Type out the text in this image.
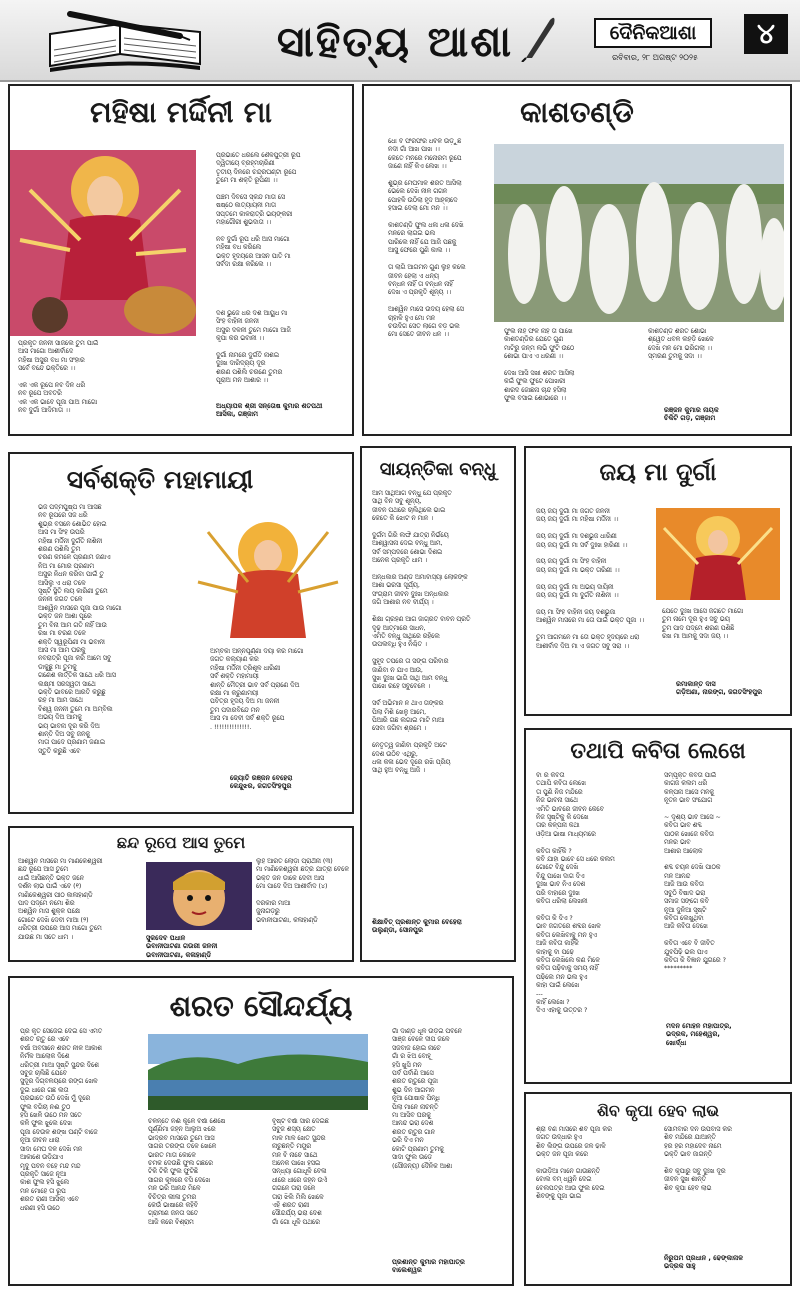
ସାହିତ୍ୟ ଆଶା	ଦୈନିକଆଶା
ରବିବାର, ୨୮ ଅଗଷ୍ଟ ୨୦୨୫
୪
ମହିଷା ମର୍ଦ୍ଦିନୀ ମା
ପ୍ରଭାତେ ଧରିଲେ ଶୈଳପୁତ୍ରୀ ରୂପ
ଦ୍ୱିତୀୟେ ବ୍ରହ୍ମଚାରିଣୀ
ତୃତୀୟ ଦିନରେ ଚନ୍ଦ୍ରଘଣ୍ଟା ରୂପେ
ତୁମେ ମା ଶକ୍ତି ରୂପିଣୀ ।।

ପଞ୍ଚମ ଦିବସେ ସ୍କନ୍ଦ ମାତା ସେ
ଷଷ୍ଠେ କାତ୍ୟାୟନୀ ମାତା
ସପ୍ତମେ କାଳରାତ୍ରି ଭୟଙ୍କରୀ
ମହାଗୌରୀ ଶୁଭଦାତା ।।

ନବ ଦୁର୍ଗା ରୂପ ଧରି ଆସ ମାଗୋ
ମହିଷା ବଧ କରିଲେ
ଭକ୍ତ ହୃଦୟରେ ଆସନ ପାତି ମା
ସର୍ବଦା ରକ୍ଷା କରିଲେ ।।
ପ୍ରକୃତି ଜନନୀ ସାଜିଲେ ତୁମ ପାଇଁ
ଆସ ମାଗୋ ଆଶୀର୍ବାଦେ
ମହିଷା ଅସୁର ବଧ ମା ସଂହାର
ସର୍ବେ ବନ୍ଦେ ଭକ୍ତିରେ ।।

ଏକ ଏକ ରୂପେ ନବ ଦିନ ଧରି
ନବ ରୂପେ ଅବତରି
ଏକ ଏକ ଭାବେ ପୂଜା ପାଅ ମାଗୋ
ନବ ଦୁର୍ଗା ଆଦିମାତା ।।
ଦଶ ଭୁଜେ ଧରି ଦଶ ଆୟୁଧ ମା
ସିଂହ ବାହିନୀ ଜନନୀ
ଅସୁର ଦଳନୀ ତୁମେ ମାଗୋ ଆଜି
କୃପା କର ଭବାନୀ ।।

ଦୁର୍ଗା ନାମରେ ଦୁର୍ଗତି ନାଶଇ
ଦୁଃଖ ଦାରିଦ୍ର୍ୟ ଦୂର
ଶରଣ ପଶିଲି ଚରଣେ ତୁମର
ପୂରାଅ ମନ ଆଶାର ।।
ଅଧ୍ୟାପକ ଶ୍ରୀ ସନ୍ତୋଷ କୁମାର ଶତପଥୀ
ଆସିକା, ଗଞ୍ଜାମ
କାଶତଣ୍ଡି
ଧୋ ବ ଫରଫର ଧବଳ ଉଡ଼ୁଛି
ନଦୀ ଗାଁ ଆଖ ପାଖ ।।
କେତେ ମନରେ ମନୋରମ ରୂପେ
ଜାଣେ ନାହିଁ କିଏ ଲେଖ ।।

ଶୁଭ୍ର ମେଘମାଳ ଶରତ ଆସିଲା
ଭେଲେ ଦେଖି ନୀଳ ଗଗନ
ପୋହଳି ଉଠିଲା ହୃଦ ଆହ୍ଲାଦେ
ହସାଇ ଦେଲା ମୋ ମନ ।।

କାଶତଣ୍ଡି ଫୁଲ ଧଳା ଧଳା ଦେଖି
ମନରେ ଲାଗଇ ଭଲ
ପାରିଲେ ନାହିଁ ଯେ ଆଜି ପଛକୁ
ଆସୁ ଫେରେ ପୁଣି କାଲ ।।

ତା ଲାଗି ଆଗମନ ଗୁଣ ଲୁହ କଲେ
ଜୀବନ ହେଲା ଏ ଧନ୍ୟ
ବନ୍ଧନ ନାହିଁ ତା ବନ୍ଧନ ନାହିଁ
ଦେଖ ଏ ପ୍ରକୃତି ଶୂନ୍ୟ ।।

ଆଶ୍ୱିନ ମାସେ ଉଦୟ ହେଲା ସେ
ଚାହାଳି ହୁଏ ମୋ ମନ
ଚଉଦିଗ ସେତ ଲାଗେ ବଡ଼ ଭଲ
ମୋ ସେତେ ଜୀବନ ଧନ ।।	ଫୁଲ ନାହିଁ ଫଳ ନାହିଁ ତା ପାଖେ
କାଶତଣ୍ଡିର ଯେତେ ଗୁଣ
ମାଟିରୁ ଜନ୍ମ ଲଭି ଫୁଟି ଉଠେ
ଶୋଭା ପାଏ ଏ ଧରଣୀ ।।

ଦେଖ ଆସି ସଖୀ ଶରତ ଆସିଲା
କଇଁ ଫୁଲ ଫୁଟେ ପୋଖରୀ
ଶାରଦ ଜୋଛନା ଚାନ୍ଦ ହସିଲା
ଫୁଲ ବସାଇ ଶୋଭାରେ ।।
କାଶତଣ୍ଡି ଶରତ ଶୋଭା
ଶ୍ୱେତ ଧବଳ ଲହଡ଼ି ଖେଳେ
ଦେଖି ମନ ମୋ ଭରିଗଲା ।।
ସ୍ମରଣ ତୁମକୁ ସଦା ।।
ରଞ୍ଜନ କୁମାର ନାୟକ
ଚିକିଟି ଗଡ଼, ଗଞ୍ଜାମ
ସର୍ବଶକ୍ତି ମହାମାୟୀ
ଭିଜି ପଦ୍ମପୁଷ୍ପ ମା ଆସିଛି
ନବ ରୂପରେ ସଜ ଧରି
ଶୁଭ୍ର ବସନେ ଶୋଭିତ ହୋଇ
ଆସ ମା ସିଂହ ଉପରି
ମହିଷା ମର୍ଦ୍ଦିନୀ ଦୁର୍ଗତି ନାଶିନୀ
ଶରଣ ପଶିଲି ତୁମ
ଚରଣ କମଳେ ପ୍ରଣାମ ଜଣାଏ
ନିଅ ମା ମୋର ପ୍ରଣାମ
ଅସୁର ନିଧନ କରିବା ପାଇଁ ତୁ
ଆସିଲୁ ଏ ଧରା ତଳେ
ସୃଷ୍ଟି ସ୍ଥିତି ଲୟ କାରିଣୀ ତୁମେ
ଜନନୀ ଜଗତ ତଳେ
ଆଶ୍ୱିନ ମାସରେ ପୂଜା ପାଉ ମାଗୋ
ଭକ୍ତ ଜନ ଆଶା ପୂରେ
ତୁମ ବିନା ଆମ ଗତି ନାହିଁ ଆଉ
ରଖ ମା ଚରଣ ତଳେ
ଶକ୍ତି ସ୍ୱରୂପିଣୀ ମା ଭବାନୀ
ଆସ ମା ଆମ ଘରକୁ
ନବରାତ୍ରି ପୂଜା କରି ଆମେ ସବୁ
ଡାକୁଛୁ ମା ତୁମକୁ
ଗଣେଶ କାର୍ତ୍ତିକ ସାଥେ ଧରି ଆସ
ଲକ୍ଷ୍ମୀ ସରସ୍ୱତୀ ସାଥେ
ଭକ୍ତି ଭାବରେ ଆରତି କରୁଛୁ
ରହ ମା ଆମ ସାଥେ
ବିଶ୍ୱ ଜନନୀ ତୁମେ ମା ଅମ୍ବିକା
ଅଭୟ ଦିଅ ଆମକୁ
ଭୟ ଭାବନା ଦୂର କରି ଦିଅ
ଶାନ୍ତି ଦିଅ ସବୁ ଜନକୁ
ମାତା ପାଦେ ପ୍ରଣାମ ଜଣାଇ
ସ୍ତୁତି କରୁଛି ଏବେ
ଅମ୍ବିକା ଅନ୍ନପୂର୍ଣ୍ଣା ଦୟା କର ମାଗୋ
ଜଗତ କଲ୍ୟାଣ କର
ମହିଷା ମର୍ଦ୍ଦିନୀ ତ୍ରିଶୂଳ ଧାରିଣୀ
ସର୍ବ ଶକ୍ତି ମହାମାୟୀ
ଶାନ୍ତି ମୈତ୍ରୀ ଭାବ ସର୍ବ ପ୍ରାଣେ ଦିଅ
ରକ୍ଷା ମା କରୁଣାମୟୀ
ପବିତ୍ର ହୃଦୟ ଦିଅ ମା ଜନନୀ
ତୁମ ପଦାରବିନ୍ଦେ ମନ
ଆସ ମା ଦେବୀ ସର୍ବ ଶକ୍ତି ରୂପେ
. !!!!!!!!!!!!!!.
ଜ୍ୟୋତି ରଞ୍ଜନ ବେହେରା
କେନ୍ଦୁଝର, ଜଗତସିଂହପୁର
ସାୟନ୍ତିକା ବନ୍ଧୁ
ଆମ ସାଥିଆଗ ବନ୍ଧୁ ଯେ ପ୍ରକୃତି
ସାଥି ବିନ ସବୁ ଶୂନ୍ୟ,
ଜୀବନ ପଥରେ ଚାଲିଥିଲେ ଭାଇ
କେତେ କି ଝୋଟ ନ ମାନ ।

ଦୁର୍ଗମ ଗିରି ଲଙ୍ଘି ଯାତ୍ରା ନିର୍ଭୟେ
ଆଶ୍ୱାସନା ଦେଇ ବନ୍ଧୁ ଆମ,
ସର୍ବ ସମ୍ପଦରେ ଶୋଭା ଦିଶଇ
ଅନେକ ପ୍ରକୃତି ଧାମ ।

ଅନ୍ଧକାର ଅଣ୍ଡ ଅମାବାସ୍ୟା ଲୋକଙ୍କ
ଆଶା ଭରସା ସୂର୍ଯ୍ୟ,
ସଂଗ୍ରାମ ଜୀବନ ଦୁଃଖ ଅନ୍ଧକାର
ଜଗି ଆଶାର ନବ ବୀର୍ଯ୍ୟ ।

ଶିକ୍ଷା ଗ୍ରହଣ ଆଗ ଜାଗ୍ରତ ବାବନ ପ୍ରତି
ଦୃଢ଼ ଆତ୍ମାରେ ସାଧନ,
ଏମିତି ବନ୍ଧୁ ସାଥିରେ ରହିଲେ
ଉପଲବ୍ଧି ହୁଏ ନିଶ୍ଚିତ ।

ସୁହୃଦ ତପରେ ତା ସଙ୍ଗ ପରିବାର
ଜାଣିବା ନ ଯାଏ ଆଉ,
ସୁଖ ଦୁଃଖ ଭାଗି ସାଥି ଆମ ବନ୍ଧୁ
ପାଖେ ରହେ ସବୁବେଳେ ।

ସର୍ବ ଅଭିମାନ ନ ଥାଏ ତାଙ୍କର
ପିଲା ମିଶି ଖେଳୁ ଆମେ,
ପିଆରି ଗଛ ଲଗାଇ ମାଟି ମାଆ
ସେବା ଜଗିବା ଶ୍ରମେ ।

ନେତୃତ୍ୱ ଜାଣିବା ପ୍ରକୃତି ଅଟେ
ଦେଶ ଉଠିବ ଏଥିରୁ,
ଧଳା କଳା ଭେଦ ଦୂରେ ରଖି ପ୍ରିୟ
ସାଥି ହୁଅ ବନ୍ଧୁ ଆଜି ।
ଶିକ୍ଷାବିତ୍ ପ୍ରଶାନ୍ତ କୁମାର ବେହେରା
ଉଲୁଣ୍ଡା, ସୋନପୁର
ଜୟ ମା ଦୁର୍ଗା
ଜୟ ଜୟ ଦୁର୍ଗା ମା ଜଗତ ଜନନୀ
ଜୟ ଜୟ ଦୁର୍ଗା ମା ମହିଷା ମର୍ଦ୍ଦିନୀ ।।

ଜୟ ଜୟ ଦୁର୍ଗା ମା ଦଶଭୁଜ ଧାରିଣୀ
ଜୟ ଜୟ ଦୁର୍ଗା ମା ସର୍ବ ଦୁଃଖ ହାରିଣୀ ।।

ଜୟ ଜୟ ଦୁର୍ଗା ମା ସିଂହ ବାହିନୀ
ଜୟ ଜୟ ଦୁର୍ଗା ମା ଭକ୍ତ ତାରିଣୀ ।।

ଜୟ ଜୟ ଦୁର୍ଗା ମା ଅଭୟ ଦାୟିନୀ
ଜୟ ଜୟ ଦୁର୍ଗା ମା ଦୁର୍ଗତି ନାଶିନୀ ।।

ଜୟ ମା ସିଂହ ବାହିନୀ ଜୟ ଦଶଭୁଜା
ଆଶ୍ୱିନ ମାସରେ ମା ତୋ ପାଇଁ ଭକ୍ତ ପୂଜା ।।

ତୁମ ଆଗମନେ ମା ତୋ ଭକ୍ତ ହୃଦୟରେ ଧରା
ଆଶୀର୍ବାଦ ଦିଅ ମା ଏ ଜଗତ ସବୁ ସରା ।।
ଯେତେ ଦୁଃଖ ଆସେ ଜଗତେ ମାଗୋ
ତୁମ ନାମେ ଦୂର ହୁଏ ସବୁ ଭୟ
ତୁମ ପାଦ ପଦ୍ମେ ଶରଣ ପଶିଛି
ରଖ ମା ଆମକୁ ସଦା ଜୟ ।।
ରମାକାନ୍ତ ଦାସ
ଗଡ଼ିଅଣା, ନାରଙ୍ଗ, ଜଗତସିଂହପୁର
ତଥାପି କବିତା ଲେଖେ
ବା ର କବିତା
ତଥାପି କବିତା ଲେଖେ
ତା ପୁଣି ନିଜ ମନ୍ଦିରେ
ନିଜ ଭାବନା ସାଥେ
ଏମିତି ଭାବରେ ଜୀବନ କେବେ
ନିଜ ସୃଷ୍ଟିକୁ କି ଦେଖେ
ତାର କଳ୍ପନା କଥା
ଓଡ଼ିଆ ଭାଷା ମାଧ୍ୟମରେ

କବିତା କାହିଁକି ?
କବି ଯାହା ଭାବେ ସେ ଧରେ କଲମ
ଗୋଟେ ବିନ୍ଦୁ ଦେଖି
ବିନ୍ଦୁ ପାଖେ ଦାଗ ଦିଏ
ଦୁଃଖ ଭାବ ନିଏ ଦେଶ
ପରି ବାହାରେ ଦୁଃଖ
କବିତା ଧରିଲା ଲେଖନୀ

କବିତା କି ଦିଏ ?
ଭାବ ଜଗତରେ ଶବ୍ଦର ଖେଳ
କବିତା ଲେଖିବାକୁ ମନ ହୁଏ
ଆଜି କବିତା କାହିଁକି
କାହାକୁ ବା ପଢ଼େ
କବିତା ଲେଖିଲେ କଣ ମିଳେ
କବିତା ପଢ଼ିବାକୁ ସମୟ ନାହିଁ
ପଢ଼ିଲେ ମନ ଭଲ ହୁଏ
କାହା ପାଇଁ ଲେଖେ
---
କାହିଁ ଲେଖେ ?
ଦିଏ ଏହାକୁ ଉତ୍ତର ?
ସମ୍ପୃକ୍ତ କବିତା ପାଇଁ
କାଗଜ କଲମ ଧରି
କଳ୍ପନା ଆସେ ମନକୁ
ନୂତନ ଭାବ ସଂଯୋଗ

~ ଦୃଶ୍ୟ ଭାବ ଆସେ ~
କବିତା ଭାବ ଶବ୍ଦ
ପାଠକ ଖୋଜେ କବିତା
ମନର ଭାବ
ଆଶାର ଆଲୋକ

ଶବ୍ଦ ଚୟନ ଦେଖି ପାଠକ
ମନ ଆନନ୍ଦ
ଆଜି ଆଉ କବିତା
ସବୁଠି ବିଷାଦ ଭରା
ସମାଜ ସଙ୍ଗେ କବି
ନୂଆ ଦୁନିଆ ସୃଷ୍ଟି
କବିତା ଲେଖୁଥିବା
ଆଜି କବିତା ଦେଖେ

କବିତା ଏବେ ବି ଜୀବିତ
ଯୁବପିଢ଼ି ଭଲ ପାଏ
କବିତା କି ବିଜ୍ଞାନ ଯୁଗରେ ?
*********
ମଦନ ମୋହନ ମହାପାତ୍ର,
ଭଦ୍ରକ, ମହେଶ୍ୱର,
ଖୋର୍ଦ୍ଧା
ଛନ୍ଦ ରୂପେ ଆସ ତୁମେ
ଆଶ୍ୱିନ ମାସରେ ମା ମାଣିକେଶ୍ୱରୀ
ଛନ୍ଦ ରୂପେ ଆସ ତୁମେ
ଧାଇଁ ଆସିଛନ୍ତି ଭକ୍ତ ଜନେ
ଦର୍ଶନ ଲାଭ ପାଇଁ ଏବେ (୧)
ମାଣିକେଶ୍ୱରୀ ପୀଠ କାଳାହାଣ୍ଡି
ପାଦ ପଦ୍ମେ ନମୋ ଶିର
ଅଶ୍ୱିନ ମାସ ଶୁକ୍ଳ ପକ୍ଷେ
ଗୋଟେ ଦେଖି ଦେବୀ ମାଆ (୨)
ଧରିତ୍ରୀ ଉପରେ ଆସ ମାଗୋ ତୁମେ
ଯାଉଛ ମା ସତେ ଧାମ ।
ଲୁହ ଆରତି ଲୋଡ଼ା ପ୍ରାର୍ଥନା (୩)
ମା ମାଣିକେଶ୍ୱରୀ ଛତ୍ର ଯାତ୍ରା ବେଳେ
ଭକ୍ତ ଜନ ଡାକେ ଦେବୀ ଆସ
ମୋ ପାଦେ ଦିଅ ଆଶୀର୍ବାଦ (୪)

ଦରକାର ମାଆ
ଜୁନାଗଡ଼ରୁ
ଭବାନୀପାଟଣା, କଳାହାଣ୍ଡି
ସୁକଦେବ ପଧାନ
ଭବାନୀପାଟଣା ଗଉରୀ ଜନନୀ
ଭବାନୀପାଟଣା, କଳାହାଣ୍ଡି
ଶରତ ସୌନ୍ଦର୍ଯ୍ୟ
ପ୍ର କୃତି ସେଜେଇ ଦେଇ ସେ ଏମିତି
ଶରତ ଋତୁ ରେ ଏବେ
ବର୍ଷା ଅବସାନେ ଶରତ ନୀଳ ଆକାଶ
ନିର୍ମଳ ଆଲୋକ ଦିଶେ
ଧରିତ୍ରୀ ମାଆ ସୃଷ୍ଟି ସୁନ୍ଦର ଦିଶେ
ସବୁଜ ଚାଲିଛି ଯେବେ
ସୁଦୂର ଦିଗ୍‌ବଳୟରେ ରଙ୍ଗ ଖେଳ
ଦୁଇ ଧାରେ ଗଛ ଲତା
ପ୍ରଭାତେ ଉଠି ଦେଖି ମୁଁ ଦୂରେ
ଫୁଲ ବଗିଚା ନଈ ତୁଠ
ହସି ଖେଳି ଉଠେ ମନ ସତେ
କଳି ଫୁଲ ଝୁଲେ ଦେଖ
ପୂଜା ଦେଉଳ ଶଙ୍ଖ ଘଣ୍ଟି ବାଜେ
ନୂଆ ଜୀବନ ଧାରା
ସାଦା ମେଘ ଦଳ ଦେଖି ମନ
ଆକାଶେ ଉଡ଼ିଯାଏ
ମୃଦୁ ପବନ ବହେ ମନ୍ଦ ମନ୍ଦ
ପ୍ରକୃତି ସାଜେ ନୂଆ
କାଶ ଫୁଲ ହସି ଝୁଲେ
ମନ ମୋହେ ତା ରୂପ
ଶରତ ରାଣୀ ଆସିଲା ଏବେ
ଧରଣୀ ହସି ଉଠେ
ଚଳନ୍ତେ ନଈ କୂଳେ ବର୍ଷା ଶେଷେ
ପୂର୍ଣ୍ଣିମା ଜହ୍ନ ଆଲୁଅ ଝରେ
ଭାଦ୍ରବ ମାସରେ ତୁମେ ଆସ
ସାଗର ତରଙ୍ଗ ତଳେ ଖେଳେ
ଭାରତ ମାତା କୋଳେ
ଚମକ ଦେଉଛି ଫୁଲ ଗଛରେ
ଟିକି ଟିକି ଫୁଲ ଫୁଟିଛି
ସାଗର କୂଳରେ ବସି ଦେଖେ
ମନ ଭରି ଆନନ୍ଦ ମିଳେ
ବିଚିତ୍ର ଲୀଳା ତୁମର
କେଉଁ ଭାଷାରେ କହିବି
ଗ୍ରାମୀଣ ଜନତା ସତେ
ଆଜି କରେ ବିଶ୍ରାମ
ବୃଷ୍ଟି ବର୍ଷା ସାରି ଦେଇଛି
ସବୁଜ ଶସ୍ୟ କ୍ଷେତ
ମାଳ ମାଳ ଖେତ ସୁନ୍ଦର
ନାଚୁଛନ୍ତି ମୟୂର
ମନ ବି ନାଚେ ସାଥେ
ଅନେକ ପାଖେ ହସଇ
ସନ୍ଧ୍ୟା ଗୋଧୂଳି ବେଳା
ଧୀରେ ଧୀରେ ଜହ୍ନ ଉଏଁ
ଗଗନେ ତାରା ଜଳେ
ତାରା ଝିଲି ମିଲି ଖେଳେ
ଏହି ଶରତ ରାଣୀ
ସୌନ୍ଦର୍ଯ୍ୟ ଭରା ଦେଶ
ଗାଁ ଗୋ ଧୂଳି ପଥରେ
ଗାଁ ଦାଣ୍ଡ ଧୂଳି ଉଡ଼ଇ ପବନେ
ସାଞ୍ଜ ବେଳେ ଦୀପ ଜଳେ
ସଜବାଜ ହୋଇ ନାଚେ
ଗାଁ ର ଝିଅ ବୋହୂ
ହସି ଖୁସି ମନ
ପର୍ବ ପର୍ବାଣି ଆସେ
ଶରତ ଋତୁରେ ପୂଜା
ଶୁଭ ଦିନ ଆଗମନ
ନୂଆ ପୋଷାକ ପିନ୍ଧି
ପିଲା ମାନେ ନାଚନ୍ତି
ମା ଆସିବ ଘରକୁ
ଆନନ୍ଦ ଭରା ଦେଶ
ଶରତ ଋତୁର ଗାନ
ଭରି ଦିଏ ମନ
କୋଟି ପ୍ରଣାମ ତୁମକୁ
ସାଦା ଫୁଲ ଉଡ଼େ
(ସୌଜନ୍ୟ) ଦୈନିକ ଆଶା
ପ୍ରଶାନ୍ତ କୁମାର ମହାପାତ୍ର
ବାଲେଶ୍ୱର
ଶିବ କୃପା ହେବ ଲାଭ
ଶ୍ରା ବଣ ମାସରେ ଶିବ ପୂଜା କରି
ଜଗତ ଉଦ୍ଧାର ହୁଏ
ଶିବ ଲିଙ୍ଗ ଉପରେ ଜଳ ଢାଳି
ଭକ୍ତ ଜନ ପୂଜା କରେ

କାଉଡ଼ିଆ ମାନେ ଗାଉଛନ୍ତି
ବୋଲ ବମ୍ ଧ୍ୱନି ଦେଇ
ବେଲପତ୍ର ଆଉ ଫୁଲ ଦେଇ
ଶିବଙ୍କୁ ପୂଜା ଭାଇ
ସୋମବାର ଦିନ ଉପବାସ କରି
ଶିବ ମନ୍ଦିରେ ଯାଆନ୍ତି
ହର ହର ମହାଦେବ ନାମେ
ଭକ୍ତି ଭାବ ଜାଗନ୍ତି

ଶିବ କୃପାରୁ ସବୁ ଦୁଃଖ ଦୂର
ଜୀବନ ସୁଖ ଶାନ୍ତି
ଶିବ କୃପା ହେବ ଲାଭ
ନିରୁପମ ପ୍ରଧାନ , ଢେଙ୍କାନାଳ
ଭଦ୍ରକ ସାହୁ
